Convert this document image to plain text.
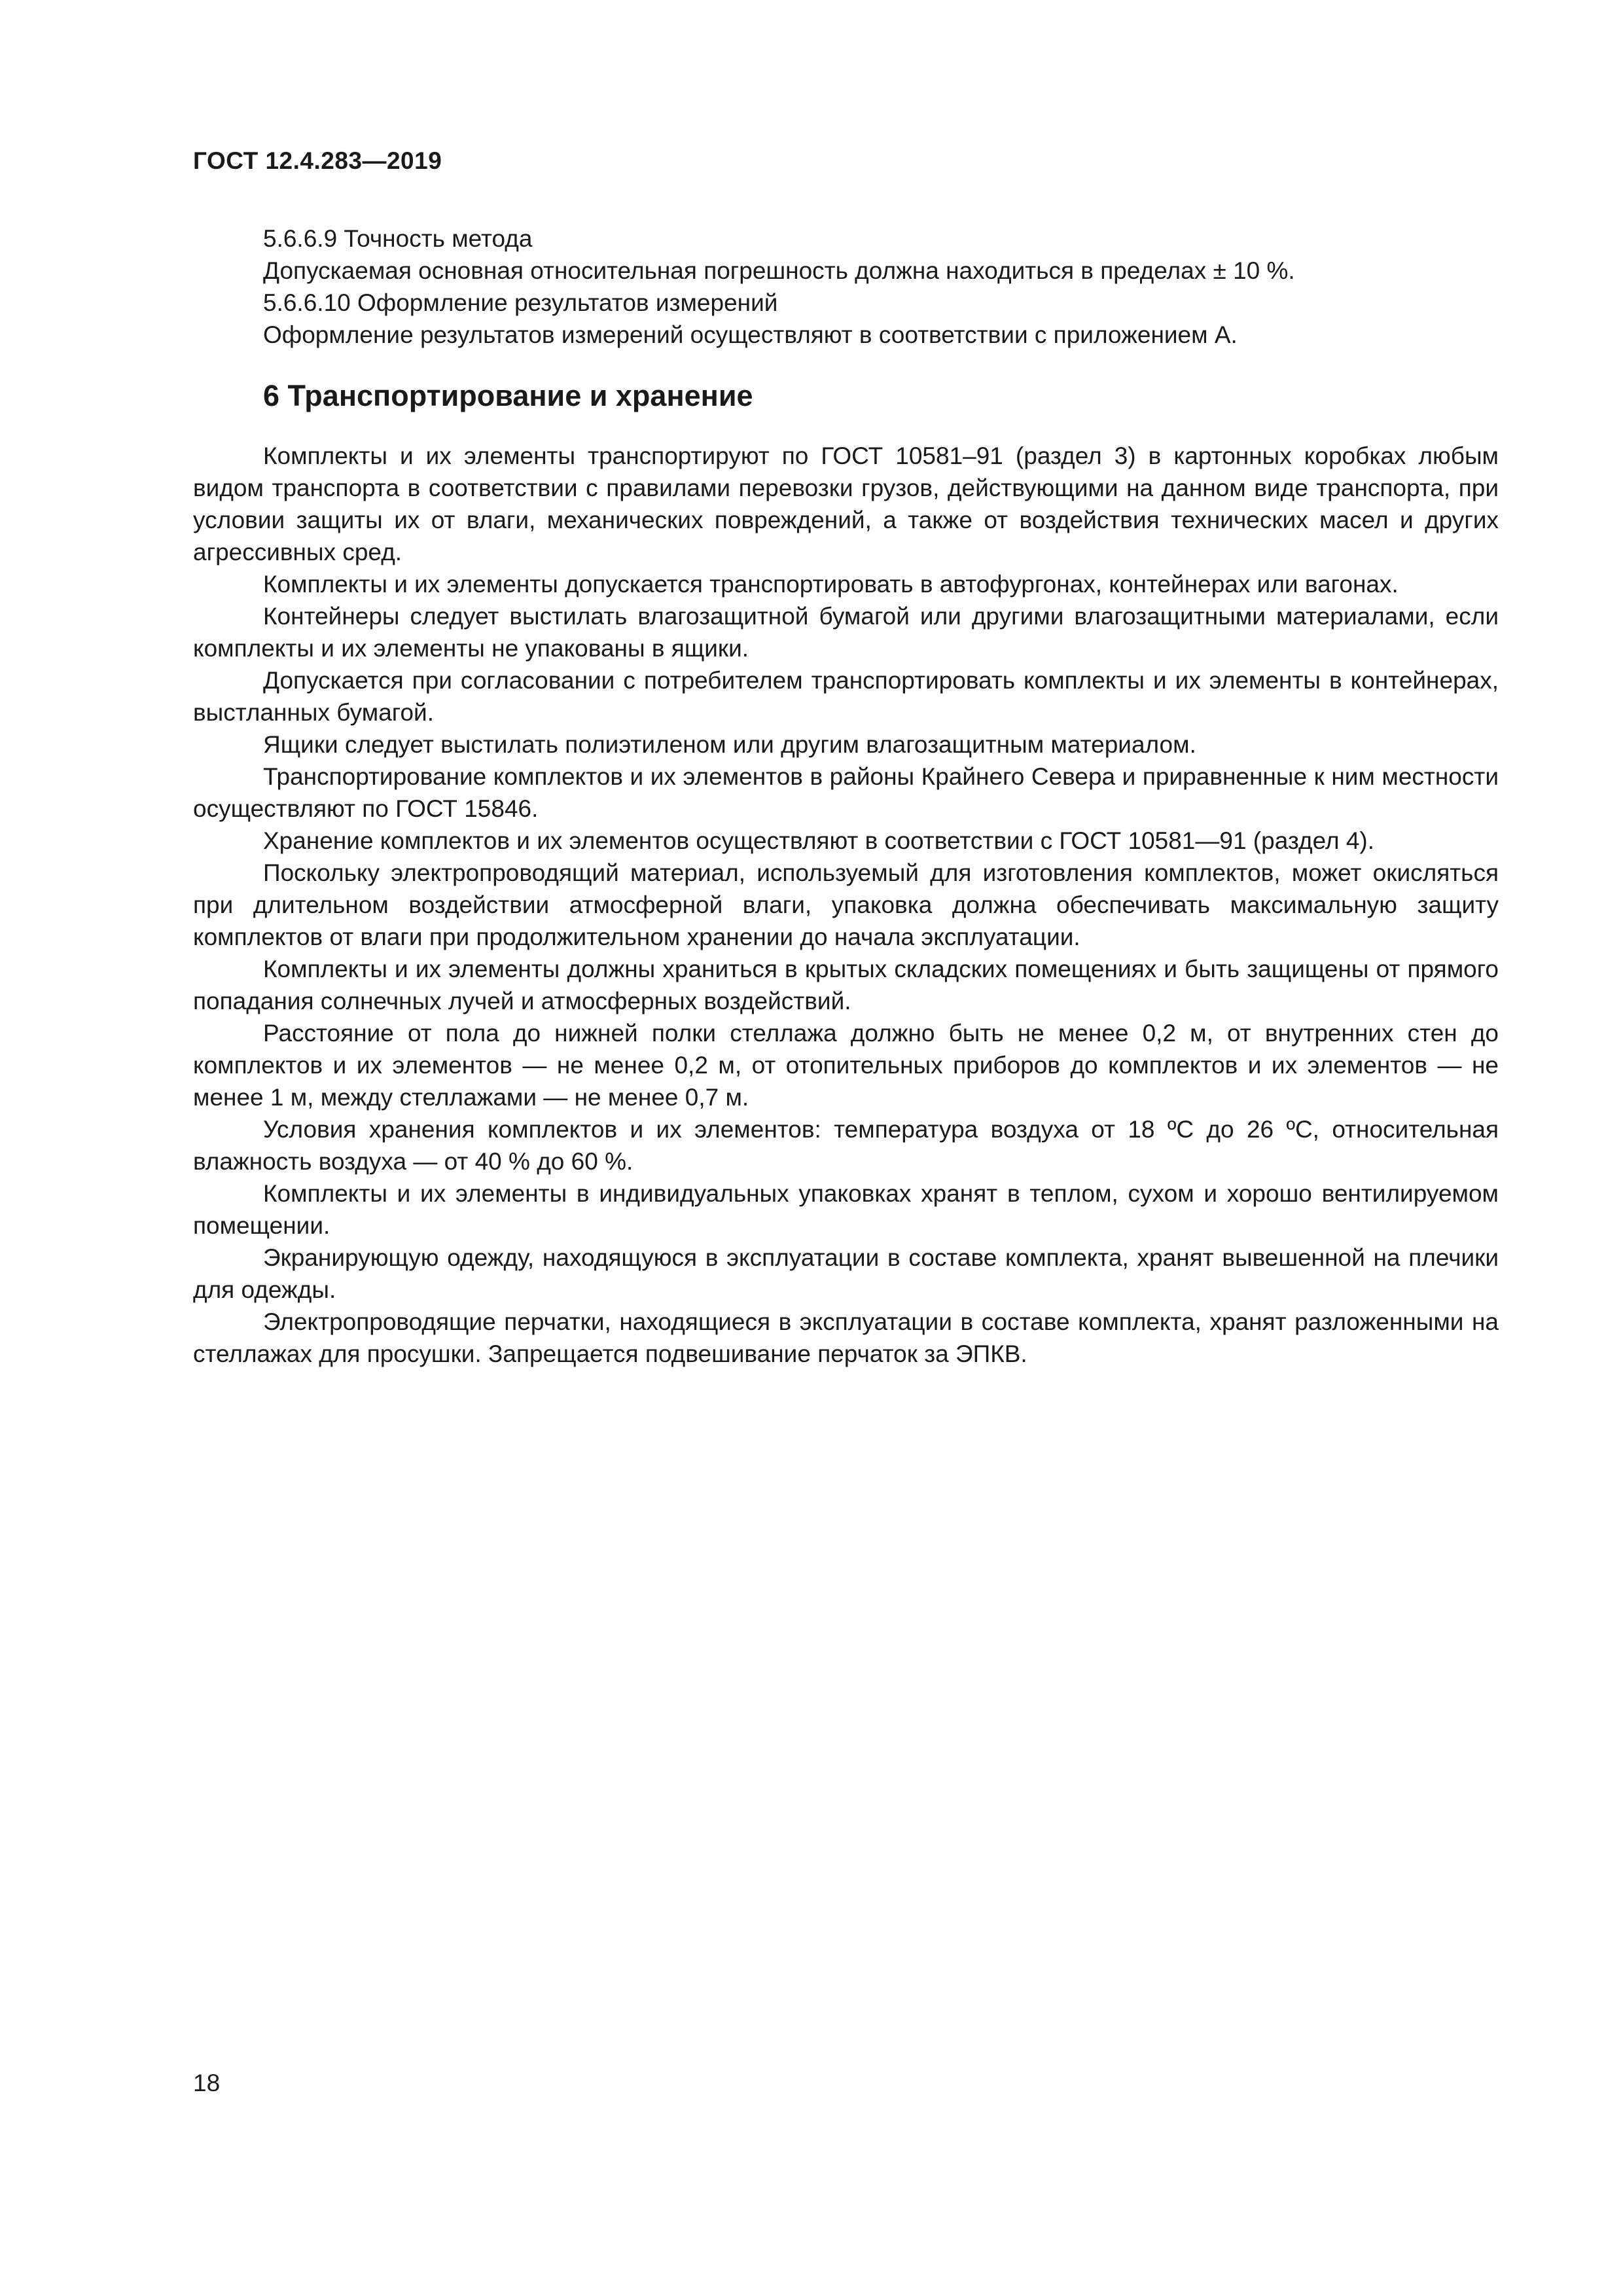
ГОСТ 12.4.283—2019

5.6.6.9 Точность метода

Допускаемая основная относительная погрешность должна находиться в пределах ± 10 %.

5.6.6.10 Оформление результатов измерений

Оформление результатов измерений осуществляют в соответствии с приложением А.

6 Транспортирование и хранение

Комплекты и их элементы транспортируют по ГОСТ 10581–91 (раздел 3) в картонных коробках любым видом транспорта в соответствии с правилами перевозки грузов, действующими на данном виде транспорта, при условии защиты их от влаги, механических повреждений, а также от воздействия технических масел и других агрессивных сред.

Комплекты и их элементы допускается транспортировать в автофургонах, контейнерах или вагонах.

Контейнеры следует выстилать влагозащитной бумагой или другими влагозащитными материалами, если комплекты и их элементы не упакованы в ящики.

Допускается при согласовании с потребителем транспортировать комплекты и их элементы в контейнерах, выстланных бумагой.

Ящики следует выстилать полиэтиленом или другим влагозащитным материалом.

Транспортирование комплектов и их элементов в районы Крайнего Севера и приравненные к ним местности осуществляют по ГОСТ 15846.

Хранение комплектов и их элементов осуществляют в соответствии с ГОСТ 10581—91 (раздел 4).

Поскольку электропроводящий материал, используемый для изготовления комплектов, может окисляться при длительном воздействии атмосферной влаги, упаковка должна обеспечивать максимальную защиту комплектов от влаги при продолжительном хранении до начала эксплуатации.

Комплекты и их элементы должны храниться в крытых складских помещениях и быть защищены от прямого попадания солнечных лучей и атмосферных воздействий.

Расстояние от пола до нижней полки стеллажа должно быть не менее 0,2 м, от внутренних стен до комплектов и их элементов — не менее 0,2 м, от отопительных приборов до комплектов и их элементов — не менее 1 м, между стеллажами — не менее 0,7 м.

Условия хранения комплектов и их элементов: температура воздуха от 18 ºС до 26 ºС, относительная влажность воздуха — от 40 % до 60 %.

Комплекты и их элементы в индивидуальных упаковках хранят в теплом, сухом и хорошо вентилируемом помещении.

Экранирующую одежду, находящуюся в эксплуатации в составе комплекта, хранят вывешенной на плечики для одежды.

Электропроводящие перчатки, находящиеся в эксплуатации в составе комплекта, хранят разложенными на стеллажах для просушки. Запрещается подвешивание перчаток за ЭПКВ.

18
